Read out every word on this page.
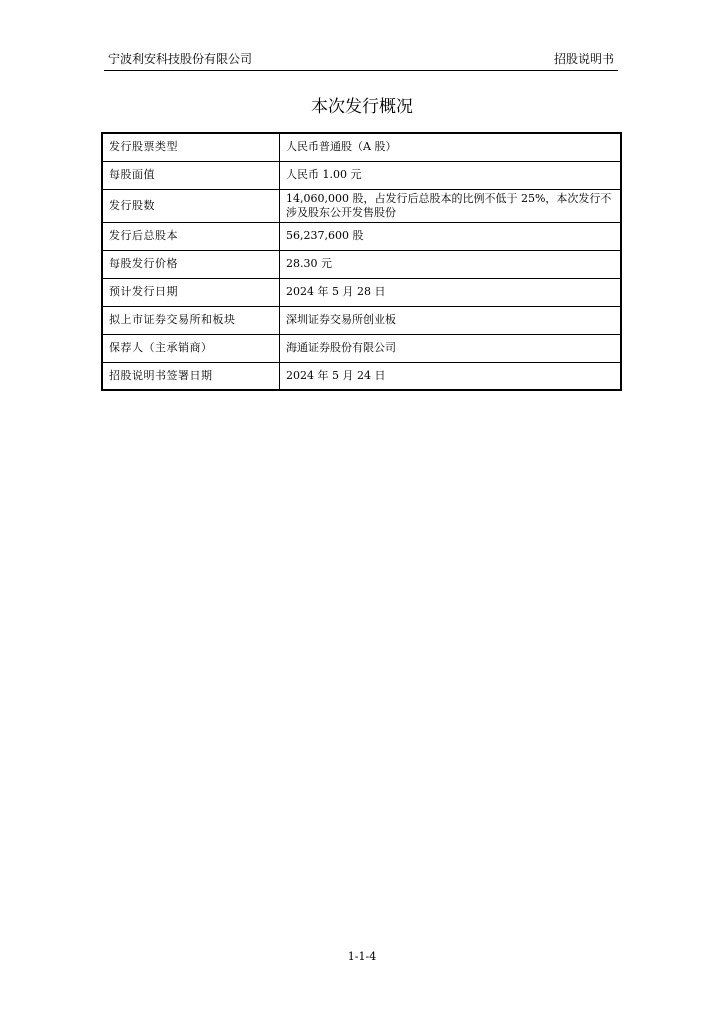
宁波利安科技股份有限公司	招股说明书
本次发行概况
发行股票类型	人民币普通股（A 股）
每股面值	人民币 1.00 元
发行股数	14,060,000 股，占发行后总股本的比例不低于 25%，本次发行不涉及股东公开发售股份
发行后总股本	56,237,600 股
每股发行价格	28.30 元
预计发行日期	2024 年 5 月 28 日
拟上市证券交易所和板块	深圳证券交易所创业板
保荐人（主承销商）	海通证券股份有限公司
招股说明书签署日期	2024 年 5 月 24 日
1-1-4
